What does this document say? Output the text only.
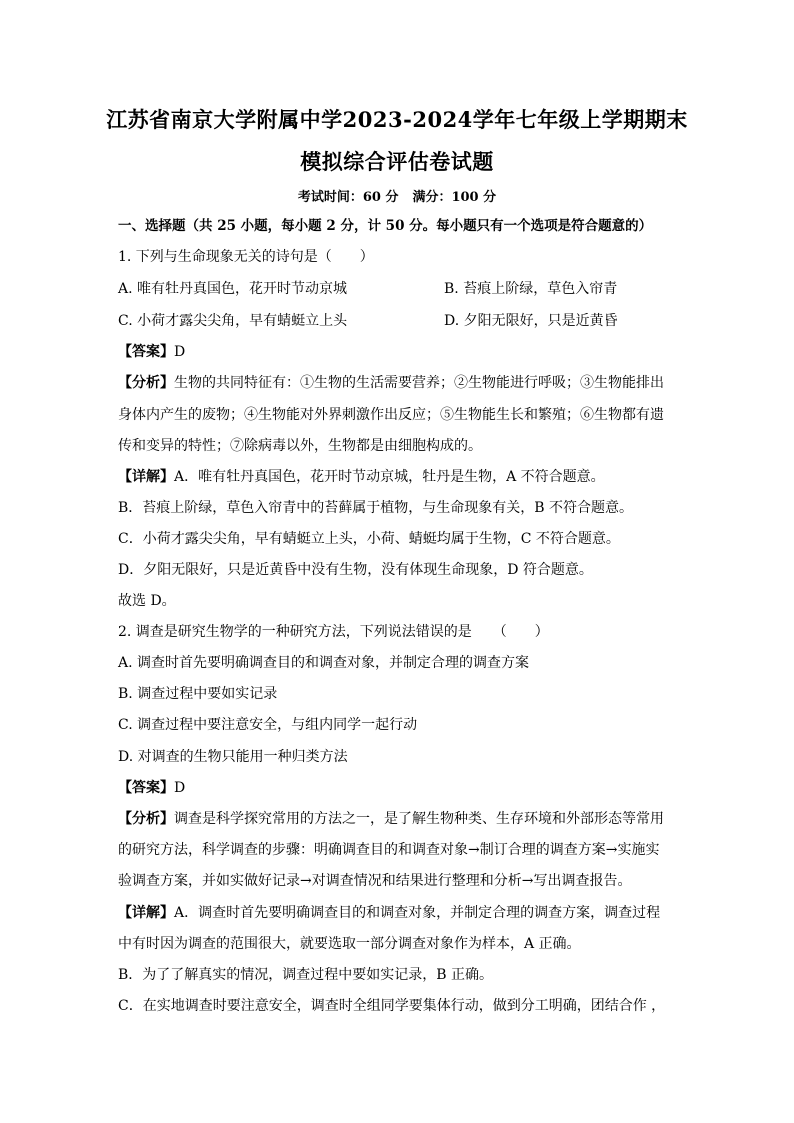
江苏省南京大学附属中学2023-2024学年七年级上学期期末
模拟综合评估卷试题
考试时间：60 分 满分：100 分
一、选择题（共 25 小题，每小题 2 分，计 50 分。每小题只有一个选项是符合题意的）
1. 下列与生命现象无关的诗句是（　　）
A. 唯有牡丹真国色，花开时节动京城	B. 苔痕上阶绿，草色入帘青
C. 小荷才露尖尖角，早有蜻蜓立上头	D. 夕阳无限好，只是近黄昏
【答案】D
【分析】生物的共同特征有：①生物的生活需要营养；②生物能进行呼吸；③生物能排出
身体内产生的废物；④生物能对外界刺激作出反应；⑤生物能生长和繁殖；⑥生物都有遗
传和变异的特性；⑦除病毒以外，生物都是由细胞构成的。
【详解】A．唯有牡丹真国色，花开时节动京城，牡丹是生物，A 不符合题意。
B．苔痕上阶绿，草色入帘青中的苔藓属于植物，与生命现象有关，B 不符合题意。
C．小荷才露尖尖角，早有蜻蜓立上头，小荷、蜻蜓均属于生物，C 不符合题意。
D．夕阳无限好，只是近黄昏中没有生物，没有体现生命现象，D 符合题意。
故选 D。
2. 调查是研究生物学的一种研究方法，下列说法错误的是　　（　　）
A. 调查时首先要明确调查目的和调查对象，并制定合理的调查方案
B. 调查过程中要如实记录
C. 调查过程中要注意安全，与组内同学一起行动
D. 对调查的生物只能用一种归类方法
【答案】D
【分析】调查是科学探究常用的方法之一，是了解生物种类、生存环境和外部形态等常用
的研究方法，科学调查的步骤：明确调查目的和调查对象→制订合理的调查方案→实施实
验调查方案，并如实做好记录→对调查情况和结果进行整理和分析→写出调查报告。
【详解】A．调查时首先要明确调查目的和调查对象，并制定合理的调查方案，调查过程
中有时因为调查的范围很大，就要选取一部分调查对象作为样本，A 正确。
B．为了了解真实的情况，调查过程中要如实记录，B 正确。
C．在实地调查时要注意安全，调查时全组同学要集体行动，做到分工明确，团结合作 ，
